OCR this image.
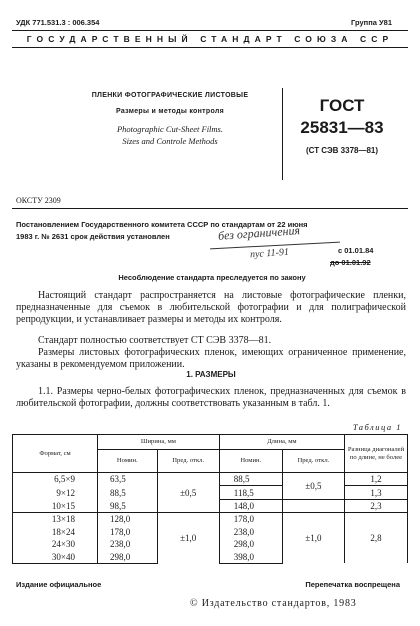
УДК 771.531.3 : 006.354	Группа У81
ГОСУДАРСТВЕННЫЙ СТАНДАРТ СОЮЗА ССР
ПЛЕНКИ ФОТОГРАФИЧЕСКИЕ ЛИСТОВЫЕ
Размеры и методы контроля
Photographic Cut-Sheet Films.
Sizes and Controle Methods
ГОСТ
25831—83
(СТ СЭВ 3378—81)
ОКСТУ 2309
Постановлением Государственного комитета СССР по стандартам от 22 июня
1983 г. № 2631 срок действия установлен	без ограничения
пус 11-91	с 01.01.84
до 01.01.92
Несоблюдение стандарта преследуется по закону
Настоящий стандарт распространяется на листовые фотографические пленки, предназначенные для съемок в любительской фотографии и для полиграфической репродукции, и устанавливает размеры и методы их контроля.
Стандарт полностью соответствует СТ СЭВ 3378—81.
Размеры листовых фотографических пленок, имеющих ограниченное применение, указаны в рекомендуемом приложении.
1. РАЗМЕРЫ
1.1. Размеры черно-белых фотографических пленок, предназначенных для съемок в любительской фотографии, должны соответствовать указанным в табл. 1.
Таблица 1
Формат, см	Ширина, мм		Длина, мм		Разница диагоналей по длине, не более
	Номин.	Пред. откл.	Номин.	Пред. откл.	
6,5×9	63,5	±0,5	88,5	±0,5	1,2
9×12	88,5		118,5		1,3
10×15	98,5		148,0		2,3
13×18	128,0	±1,0	178,0	±1,0	2,8
18×24	178,0		238,0		
24×30	238,0		298,0		
30×40	298,0		398,0		
Издание официальное	Перепечатка воспрещена
© Издательство стандартов, 1983
